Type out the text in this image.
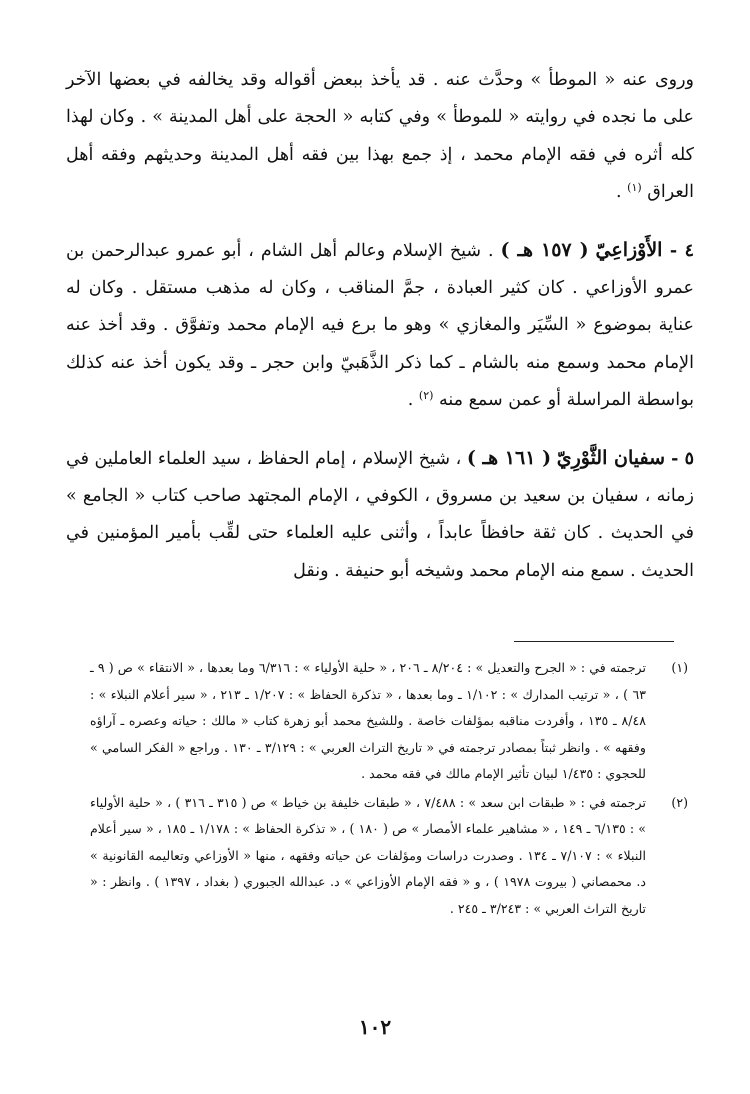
وروى عنه « الموطأ » وحدَّث عنه . قد يأخذ ببعض أقواله وقد يخالفه في بعضها الآخر على ما نجده في روايته « للموطأ » وفي كتابه « الحجة على أهل المدينة » . وكان لهذا كله أثره في فقه الإمام محمد ، إذ جمع بهذا بين فقه أهل المدينة وحديثهم وفقه أهل العراق $^{(١)}$ .

٤ - الأَوْزاعِيّ ( ١٥٧ هـ ) . شيخ الإسلام وعالم أهل الشام ، أبو عمرو عبدالرحمن بن عمرو الأوزاعي . كان كثير العبادة ، جمَّ المناقب ، وكان له مذهب مستقل . وكان له عناية بموضوع « السِّيَر والمغازي » وهو ما برع فيه الإمام محمد وتفوَّق . وقد أخذ عنه الإمام محمد وسمع منه بالشام ـ كما ذكر الذَّهَبيّ وابن حجر ـ وقد يكون أخذ عنه كذلك بواسطة المراسلة أو عمن سمع منه $^{(٢)}$ .

٥ - سفيان الثَّوْرِيّ ( ١٦١ هـ ) ، شيخ الإسلام ، إمام الحفاظ ، سيد العلماء العاملين في زمانه ، سفيان بن سعيد بن مسروق ، الكوفي ، الإمام المجتهد صاحب كتاب « الجامع » في الحديث . كان ثقة حافظاً عابداً ، وأثنى عليه العلماء حتى لقِّب بأمير المؤمنين في الحديث . سمع منه الإمام محمد وشيخه أبو حنيفة . ونقل

(١)
ترجمته في : « الجرح والتعديل » : ٨/٢٠٤ ـ ٢٠٦ ، « حلية الأولياء » : ٦/٣١٦ وما بعدها ، « الانتقاء » ص ( ٩ ـ ٦٣ ) ، « ترتيب المدارك » : ١/١٠٢ ـ وما بعدها ، « تذكرة الحفاظ » : ١/٢٠٧ ـ ٢١٣ ، « سير أعلام النبلاء » : ٨/٤٨ ـ ١٣٥ ، وأفردت مناقبه بمؤلفات خاصة . وللشيخ محمد أبو زهرة كتاب « مالك : حياته وعصره ـ آراؤه وفقهه » . وانظر ثبتاً بمصادر ترجمته في « تاريخ التراث العربي » : ٣/١٢٩ ـ ١٣٠ . وراجع « الفكر السامي » للحجوي : ١/٤٣٥ لبيان تأثير الإمام مالك في فقه محمد .
(٢)
ترجمته في : « طبقات ابن سعد » : ٧/٤٨٨ ، « طبقات خليفة بن خياط » ص ( ٣١٥ ـ ٣١٦ ) ، « حلية الأولياء » : ٦/١٣٥ ـ ١٤٩ ، « مشاهير علماء الأمصار » ص ( ١٨٠ ) ، « تذكرة الحفاظ » : ١/١٧٨ ـ ١٨٥ ، « سير أعلام النبلاء » : ٧/١٠٧ ـ ١٣٤ . وصدرت دراسات ومؤلفات عن حياته وفقهه ، منها « الأوزاعي وتعاليمه القانونية » د. محمصاني ( بيروت ١٩٧٨ ) ، و « فقه الإمام الأوزاعي » د. عبدالله الجبوري ( بغداد ، ١٣٩٧ ) . وانظر : « تاريخ التراث العربي » : ٣/٢٤٣ ـ ٢٤٥ .
١٠٢
